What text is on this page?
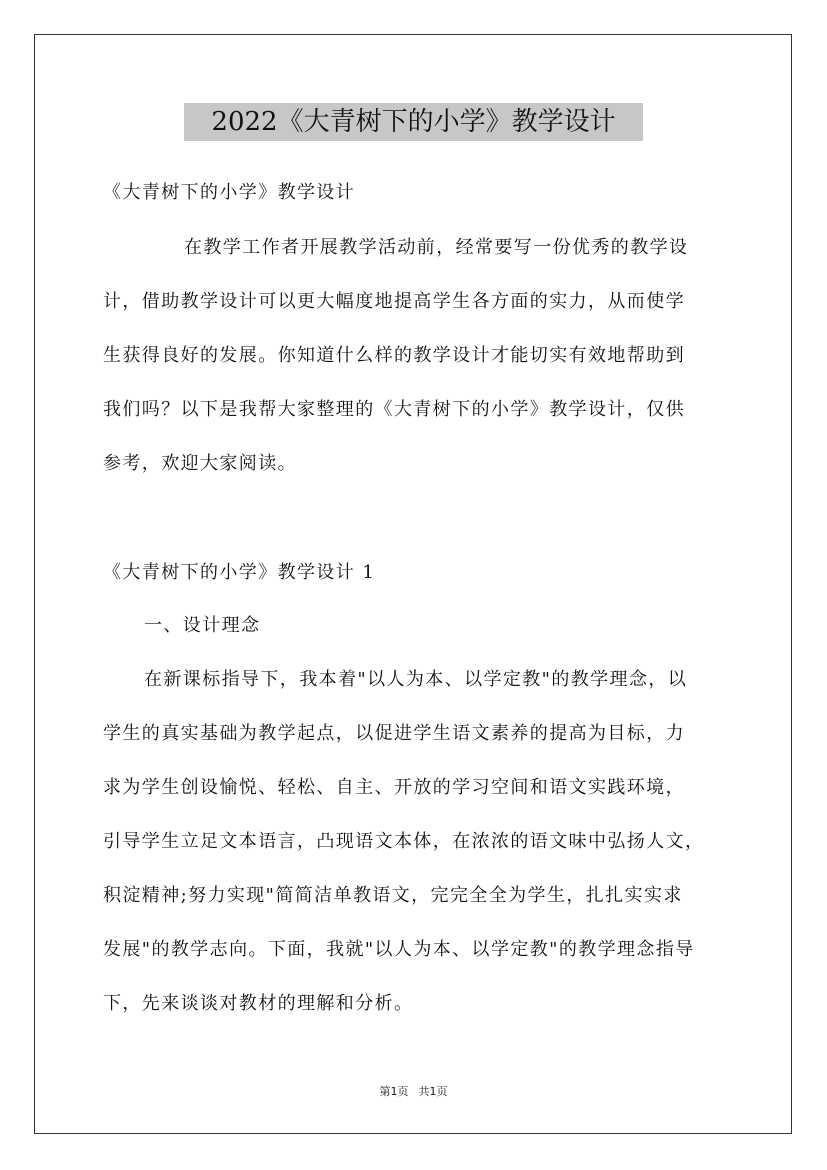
2022《大青树下的小学》教学设计

《大青树下的小学》教学设计

在教学工作者开展教学活动前，经常要写一份优秀的教学设

计，借助教学设计可以更大幅度地提高学生各方面的实力，从而使学

生获得良好的发展。你知道什么样的教学设计才能切实有效地帮助到

我们吗？以下是我帮大家整理的《大青树下的小学》教学设计，仅供

参考，欢迎大家阅读。

《大青树下的小学》教学设计 1

一、设计理念

在新课标指导下，我本着"以人为本、以学定教"的教学理念，以

学生的真实基础为教学起点，以促进学生语文素养的提高为目标，力

求为学生创设愉悦、轻松、自主、开放的学习空间和语文实践环境，

引导学生立足文本语言，凸现语文本体，在浓浓的语文味中弘扬人文，

积淀精神;努力实现"简简洁单教语文，完完全全为学生，扎扎实实求

发展"的教学志向。下面，我就"以人为本、以学定教"的教学理念指导

下，先来谈谈对教材的理解和分析。

第1页 共1页
